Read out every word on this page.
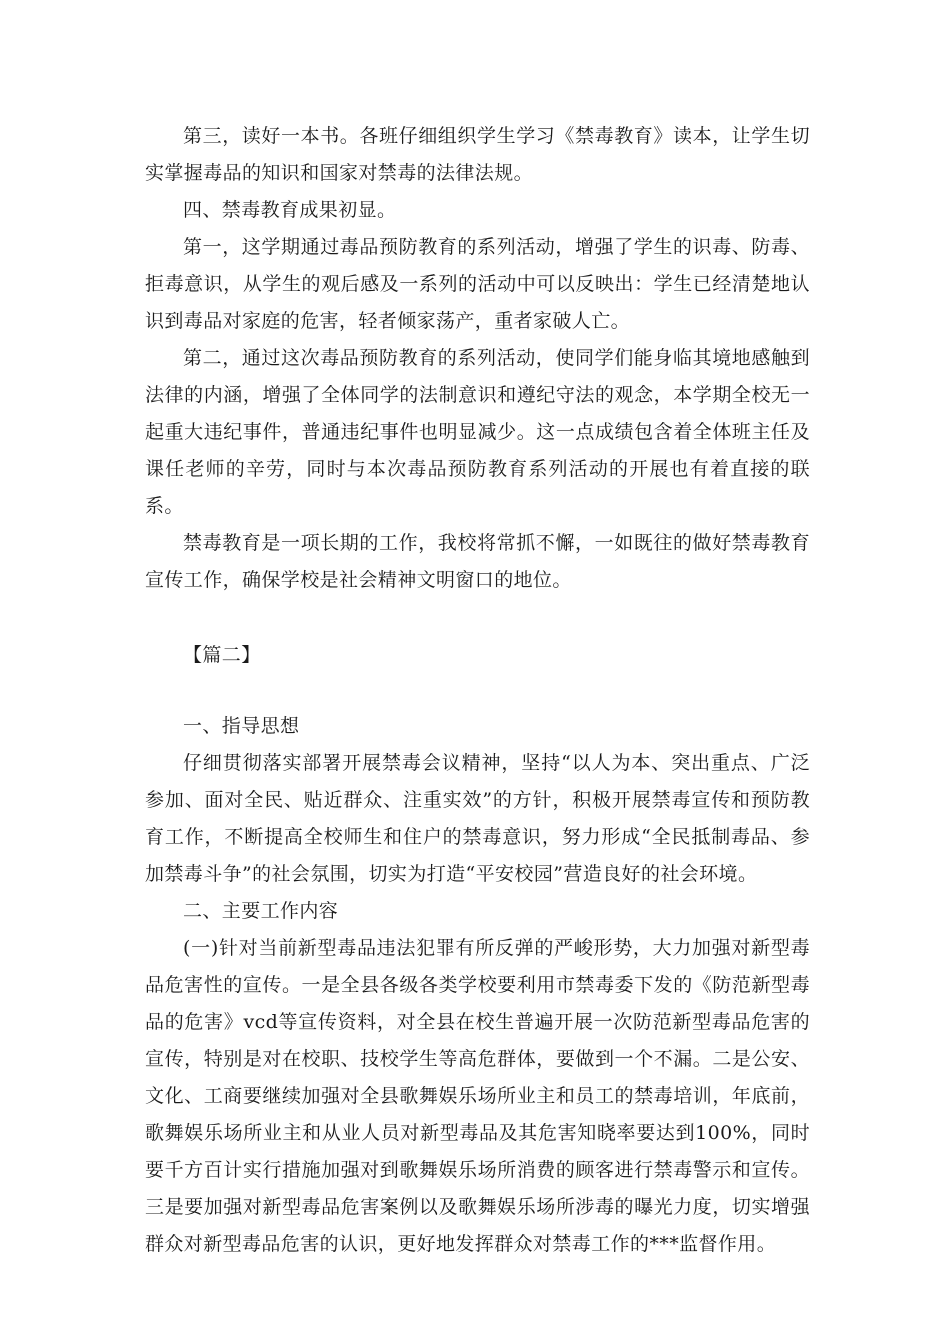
第三，读好一本书。各班仔细组织学生学习《禁毒教育》读本，让学生切实掌握毒品的知识和国家对禁毒的法律法规。

四、禁毒教育成果初显。

第一，这学期通过毒品预防教育的系列活动，增强了学生的识毒、防毒、拒毒意识，从学生的观后感及一系列的活动中可以反映出：学生已经清楚地认识到毒品对家庭的危害，轻者倾家荡产，重者家破人亡。

第二，通过这次毒品预防教育的系列活动，使同学们能身临其境地感触到法律的内涵，增强了全体同学的法制意识和遵纪守法的观念，本学期全校无一起重大违纪事件，普通违纪事件也明显减少。这一点成绩包含着全体班主任及课任老师的辛劳，同时与本次毒品预防教育系列活动的开展也有着直接的联系。

禁毒教育是一项长期的工作，我校将常抓不懈，一如既往的做好禁毒教育宣传工作，确保学校是社会精神文明窗口的地位。

【篇二】

一、指导思想

仔细贯彻落实部署开展禁毒会议精神，坚持“以人为本、突出重点、广泛参加、面对全民、贴近群众、注重实效”的方针，积极开展禁毒宣传和预防教育工作，不断提高全校师生和住户的禁毒意识，努力形成“全民抵制毒品、参加禁毒斗争”的社会氛围，切实为打造“平安校园”营造良好的社会环境。

二、主要工作内容

(一)针对当前新型毒品违法犯罪有所反弹的严峻形势，大力加强对新型毒品危害性的宣传。一是全县各级各类学校要利用市禁毒委下发的《防范新型毒品的危害》vcd等宣传资料，对全县在校生普遍开展一次防范新型毒品危害的宣传，特别是对在校职、技校学生等高危群体，要做到一个不漏。二是公安、文化、工商要继续加强对全县歌舞娱乐场所业主和员工的禁毒培训，年底前，歌舞娱乐场所业主和从业人员对新型毒品及其危害知晓率要达到100%，同时要千方百计实行措施加强对到歌舞娱乐场所消费的顾客进行禁毒警示和宣传。三是要加强对新型毒品危害案例以及歌舞娱乐场所涉毒的曝光力度，切实增强群众对新型毒品危害的认识，更好地发挥群众对禁毒工作的***监督作用。
